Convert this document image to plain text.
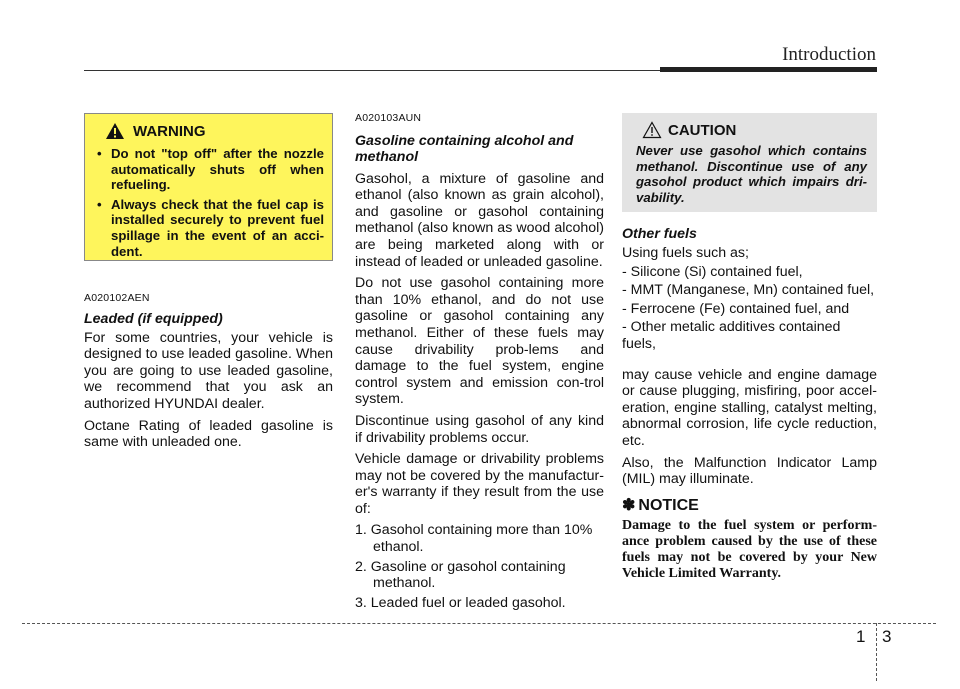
Introduction
WARNING
• Do not "top off" after the nozzle automatically shuts off when refueling.
• Always check that the fuel cap is installed securely to prevent fuel spillage in the event of an acci-dent.
A020102AEN
Leaded (if equipped)

For some countries, your vehicle is designed to use leaded gasoline. When you are going to use leaded gasoline, we recommend that you ask an authorized HYUNDAI dealer.

Octane Rating of leaded gasoline is same with unleaded one.

A020103AUN
Gasoline containing alcohol and methanol

Gasohol, a mixture of gasoline and ethanol (also known as grain alcohol), and gasoline or gasohol containing methanol (also known as wood alcohol) are being marketed along with or instead of leaded or unleaded gasoline.

Do not use gasohol containing more than 10% ethanol, and do not use gasoline or gasohol containing any methanol. Either of these fuels may cause drivability prob-lems and damage to the fuel system, engine control system and emission con-trol system.

Discontinue using gasohol of any kind if drivability problems occur.

Vehicle damage or drivability problems may not be covered by the manufactur-er's warranty if they result from the use of:

1. Gasohol containing more than 10% ethanol.
2. Gasoline or gasohol containing methanol.
3. Leaded fuel or leaded gasohol.
CAUTION
Never use gasohol which contains methanol. Discontinue use of any gasohol product which impairs dri-vability.
Other fuels
Using fuels such as;
- Silicone (Si) contained fuel,
- MMT (Manganese, Mn) contained fuel,
- Ferrocene (Fe) contained fuel, and
- Other metalic additives contained fuels,

may cause vehicle and engine damage or cause plugging, misfiring, poor accel-eration, engine stalling, catalyst melting, abnormal corrosion, life cycle reduction, etc.

Also, the Malfunction Indicator Lamp (MIL) may illuminate.

✽ NOTICE
Damage to the fuel system or perform-ance problem caused by the use of these fuels may not be covered by your New Vehicle Limited Warranty.
1 3
